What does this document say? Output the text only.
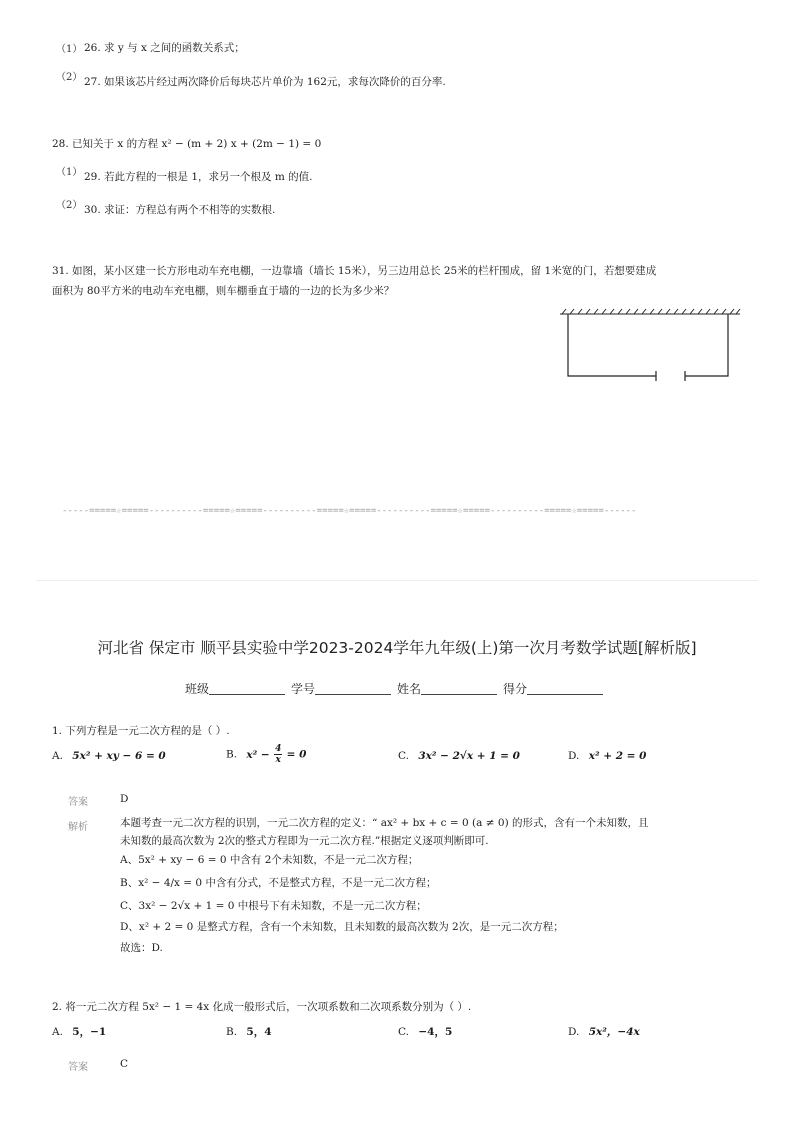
（1） 26. 求 y 与 x 之间的函数关系式；
（2） 27. 如果该芯片经过两次降价后每块芯片单价为 162元，求每次降价的百分率.
28. 已知关于 x 的方程 x² − (m + 2) x + (2m − 1) = 0
（1） 29. 若此方程的一根是 1，求另一个根及 m 的值.
（2） 30. 求证：方程总有两个不相等的实数根.
31. 如图，某小区建一长方形电动车充电棚，一边靠墙（墙长 15米），另三边用总长 25米的栏杆围成，留 1米宽的门，若想要建成
面积为 80平方米的电动车充电棚，则车棚垂直于墙的一边的长为多少米？
-----=====☆=====----------=====☆=====----------=====☆=====----------=====☆=====----------=====☆=====------
河北省 保定市 顺平县实验中学2023-2024学年九年级(上)第一次月考数学试题[解析版]
班级	学号	姓名	得分
1. 下列方程是一元二次方程的是（ ）.
A. 5x² + xy − 6 = 0	B. $x^2 - \frac{4}{x} = 0$	C. 3x² − 2√x + 1 = 0	D. x² + 2 = 0
答案	D
解析	本题考查一元二次方程的识别，一元二次方程的定义：“ ax² + bx + c = 0 (a ≠ 0) 的形式，含有一个未知数，且
未知数的最高次数为 2次的整式方程即为一元二次方程.”根据定义逐项判断即可.
A、5x² + xy − 6 = 0 中含有 2个未知数，不是一元二次方程；
B、x² − 4/x = 0 中含有分式，不是整式方程，不是一元二次方程；
C、3x² − 2√x + 1 = 0 中根号下有未知数，不是一元二次方程；
D、x² + 2 = 0 是整式方程，含有一个未知数，且未知数的最高次数为 2次，是一元二次方程；
故选：D.
2. 将一元二次方程 5x² − 1 = 4x 化成一般形式后，一次项系数和二次项系数分别为（ ）.
A. 5，−1	B. 5，4	C. −4，5	D. 5x²，−4x
答案	C
